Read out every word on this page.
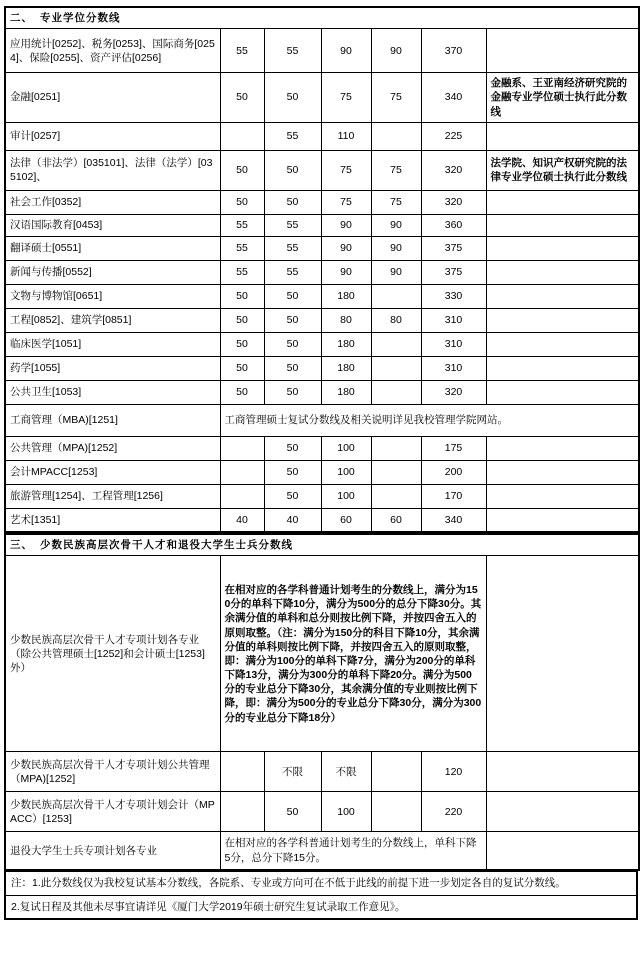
二、 专业学位分数线						
应用统计[0252]、税务[0253]、国际商务[0254]、保险[0255]、资产评估[0256]	55	55	90	90	370	
金融[0251]	50	50	75	75	340	金融系、王亚南经济研究院的金融专业学位硕士执行此分数线
审计[0257]		55	110		225	
法律（非法学）[035101]、法律（法学）[035102]、	50	50	75	75	320	法学院、知识产权研究院的法律专业学位硕士执行此分数线
社会工作[0352]	50	50	75	75	320	
汉语国际教育[0453]	55	55	90	90	360	
翻译硕士[0551]	55	55	90	90	375	
新闻与传播[0552]	55	55	90	90	375	
文物与博物馆[0651]	50	50	180		330	
工程[0852]、建筑学[0851]	50	50	80	80	310	
临床医学[1051]	50	50	180		310	
药学[1055]	50	50	180		310	
公共卫生[1053]	50	50	180		320	
工商管理（MBA)[1251]	工商管理硕士复试分数线及相关说明详见我校管理学院网站。					
公共管理（MPA)[1252]		50	100		175	
会计MPACC[1253]		50	100		200	
旅游管理[1254]、工程管理[1256]		50	100		170	
艺术[1351]	40	40	60	60	340	
三、 少数民族高层次骨干人才和退役大学生士兵分数线						
少数民族高层次骨干人才专项计划各专业（除公共管理硕士[1252]和会计硕士[1253]外）	在相对应的各学科普通计划考生的分数线上，满分为150分的单科下降10分，满分为500分的总分下降30分。其余满分值的单科和总分则按比例下降，并按四舍五入的原则取整。（注：满分为150分的科目下降10分，其余满分值的单科则按比例下降，并按四舍五入的原则取整，即：满分为100分的单科下降7分，满分为200分的单科下降13分，满分为300分的单科下降20分。满分为500分的专业总分下降30分，其余满分值的专业则按比例下降，即：满分为500分的专业总分下降30分，满分为300分的专业总分下降18分）					
少数民族高层次骨干人才专项计划公共管理（MPA)[1252]		不限	不限		120	
少数民族高层次骨干人才专项计划会计（MPACC）[1253]		50	100		220	
退役大学生士兵专项计划各专业	在相对应的各学科普通计划考生的分数线上，单科下降5分，总分下降15分。					
注：1.此分数线仅为我校复试基本分数线，各院系、专业或方向可在不低于此线的前提下进一步划定各自的复试分数线。
2.复试日程及其他未尽事宜请详见《厦门大学2019年硕士研究生复试录取工作意见》。
